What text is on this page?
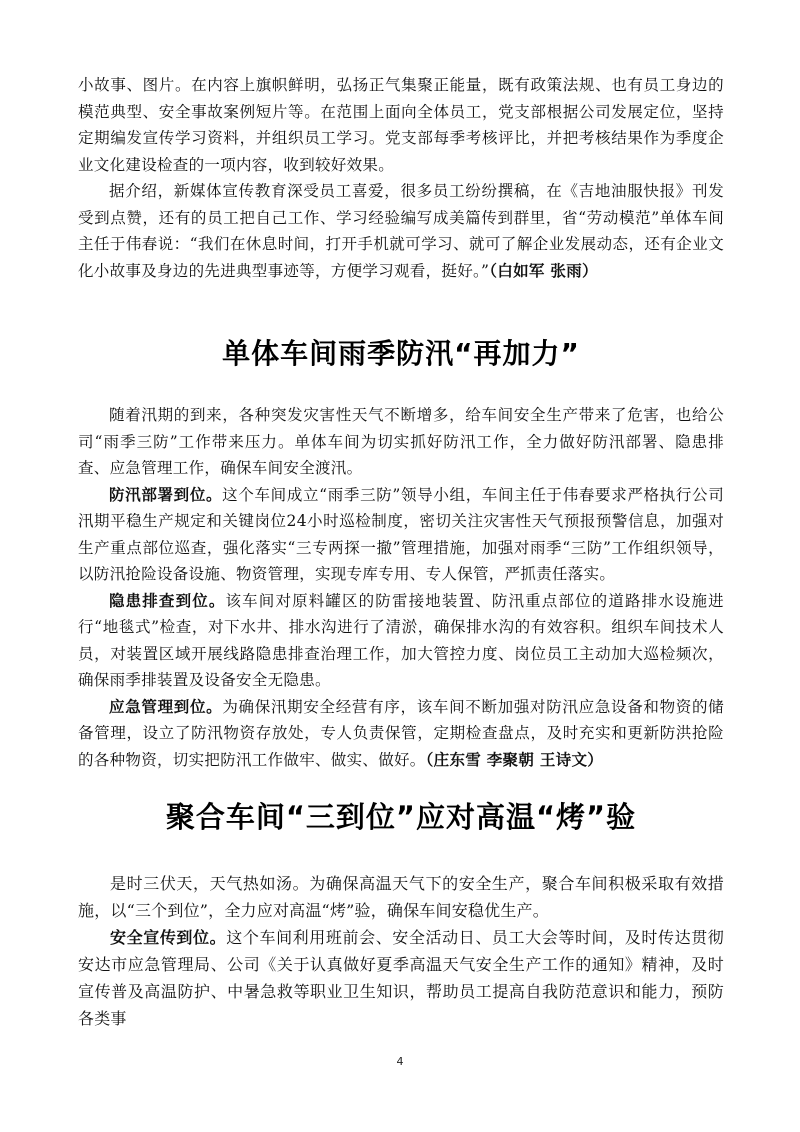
小故事、图片。在内容上旗帜鲜明，弘扬正气集聚正能量，既有政策法规、也有员工身边的模范典型、安全事故案例短片等。在范围上面向全体员工，党支部根据公司发展定位，坚持定期编发宣传学习资料，并组织员工学习。党支部每季考核评比，并把考核结果作为季度企业文化建设检查的一项内容，收到较好效果。

据介绍，新媒体宣传教育深受员工喜爱，很多员工纷纷撰稿，在《吉地油服快报》刊发受到点赞，还有的员工把自己工作、学习经验编写成美篇传到群里，省“劳动模范”单体车间主任于伟春说：“我们在休息时间，打开手机就可学习、就可了解企业发展动态，还有企业文化小故事及身边的先进典型事迹等，方便学习观看，挺好。”（白如军 张雨）

单体车间雨季防汛“再加力”

随着汛期的到来，各种突发灾害性天气不断增多，给车间安全生产带来了危害，也给公司“雨季三防”工作带来压力。单体车间为切实抓好防汛工作，全力做好防汛部署、隐患排查、应急管理工作，确保车间安全渡汛。

防汛部署到位。这个车间成立“雨季三防”领导小组，车间主任于伟春要求严格执行公司汛期平稳生产规定和关键岗位24小时巡检制度，密切关注灾害性天气预报预警信息，加强对生产重点部位巡查，强化落实“三专两探一撤”管理措施，加强对雨季“三防”工作组织领导，以防汛抢险设备设施、物资管理，实现专库专用、专人保管，严抓责任落实。

隐患排查到位。该车间对原料罐区的防雷接地装置、防汛重点部位的道路排水设施进行“地毯式”检查，对下水井、排水沟进行了清淤，确保排水沟的有效容积。组织车间技术人员，对装置区域开展线路隐患排查治理工作，加大管控力度、岗位员工主动加大巡检频次，确保雨季排装置及设备安全无隐患。

应急管理到位。为确保汛期安全经营有序，该车间不断加强对防汛应急设备和物资的储备管理，设立了防汛物资存放处，专人负责保管，定期检查盘点，及时充实和更新防洪抢险的各种物资，切实把防汛工作做牢、做实、做好。（庄东雪 李聚朝 王诗文）

聚合车间“三到位”应对高温“烤”验

是时三伏天，天气热如汤。为确保高温天气下的安全生产，聚合车间积极采取有效措施，以“三个到位”，全力应对高温“烤”验，确保车间安稳优生产。

安全宣传到位。这个车间利用班前会、安全活动日、员工大会等时间，及时传达贯彻安达市应急管理局、公司《关于认真做好夏季高温天气安全生产工作的通知》精神，及时宣传普及高温防护、中暑急救等职业卫生知识，帮助员工提高自我防范意识和能力，预防各类事

4
